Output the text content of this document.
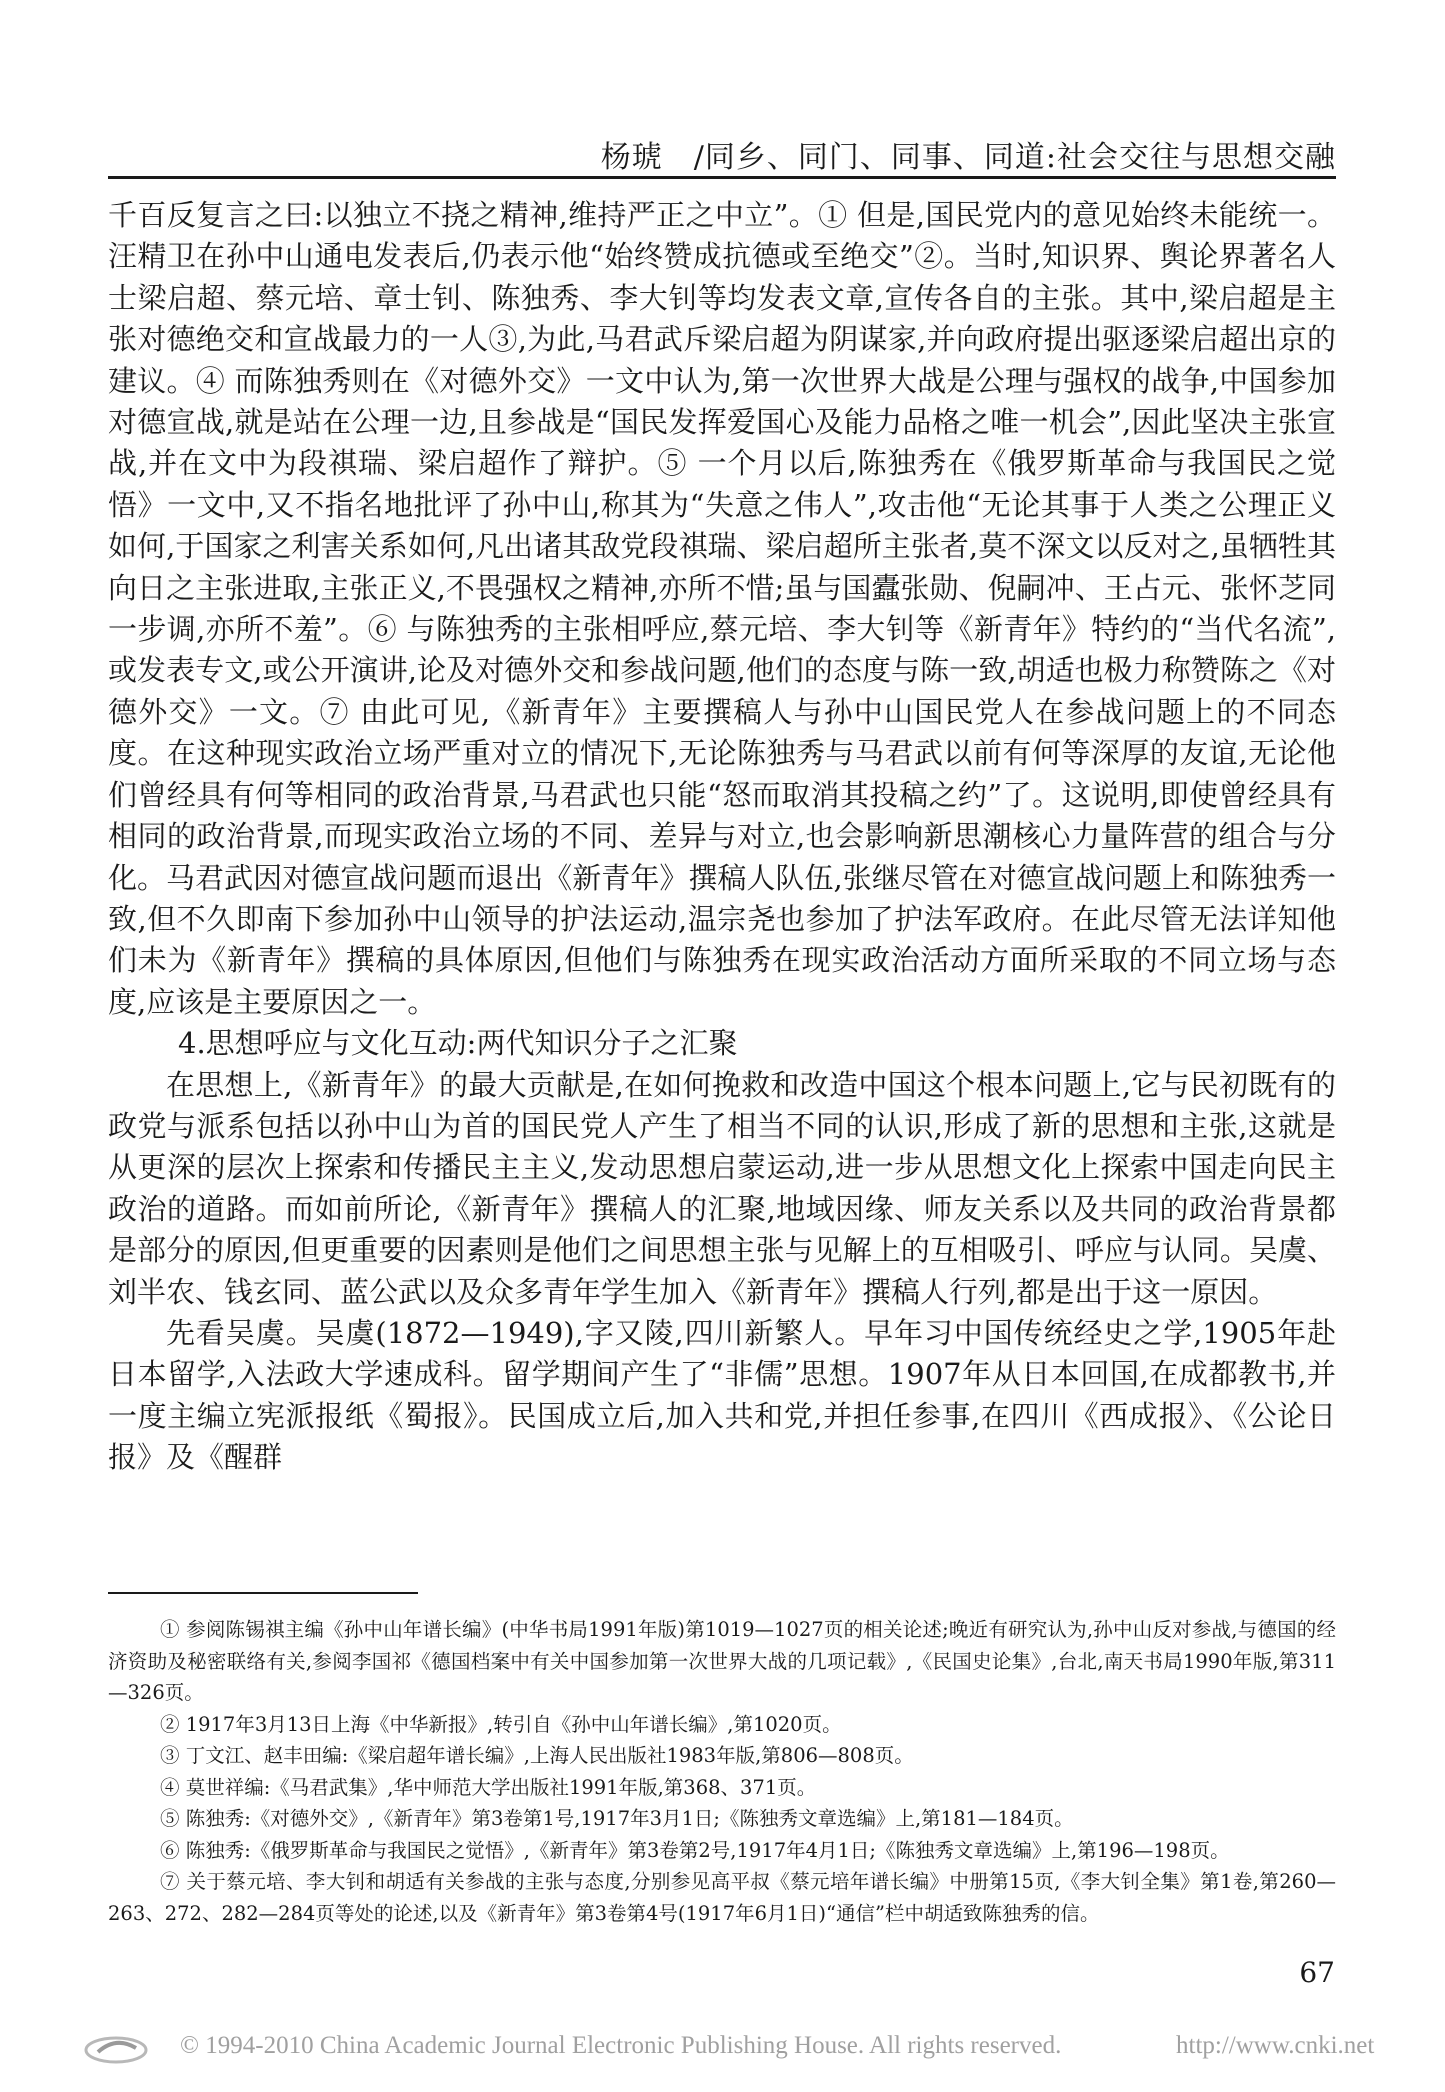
杨琥　/同乡、同门、同事、同道:社会交往与思想交融

千百反复言之曰:以独立不挠之精神,维持严正之中立”。① 但是,国民党内的意见始终未能统一。汪精卫在孙中山通电发表后,仍表示他“始终赞成抗德或至绝交”②。当时,知识界、舆论界著名人士梁启超、蔡元培、章士钊、陈独秀、李大钊等均发表文章,宣传各自的主张。其中,梁启超是主张对德绝交和宣战最力的一人③,为此,马君武斥梁启超为阴谋家,并向政府提出驱逐梁启超出京的建议。④ 而陈独秀则在《对德外交》一文中认为,第一次世界大战是公理与强权的战争,中国参加对德宣战,就是站在公理一边,且参战是“国民发挥爱国心及能力品格之唯一机会”,因此坚决主张宣战,并在文中为段祺瑞、梁启超作了辩护。⑤ 一个月以后,陈独秀在《俄罗斯革命与我国民之觉悟》一文中,又不指名地批评了孙中山,称其为“失意之伟人”,攻击他“无论其事于人类之公理正义如何,于国家之利害关系如何,凡出诸其敌党段祺瑞、梁启超所主张者,莫不深文以反对之,虽牺牲其向日之主张进取,主张正义,不畏强权之精神,亦所不惜;虽与国蠹张勋、倪嗣冲、王占元、张怀芝同一步调,亦所不羞”。⑥ 与陈独秀的主张相呼应,蔡元培、李大钊等《新青年》特约的“当代名流”,或发表专文,或公开演讲,论及对德外交和参战问题,他们的态度与陈一致,胡适也极力称赞陈之《对德外交》一文。⑦ 由此可见,《新青年》主要撰稿人与孙中山国民党人在参战问题上的不同态度。在这种现实政治立场严重对立的情况下,无论陈独秀与马君武以前有何等深厚的友谊,无论他们曾经具有何等相同的政治背景,马君武也只能“怒而取消其投稿之约”了。这说明,即使曾经具有相同的政治背景,而现实政治立场的不同、差异与对立,也会影响新思潮核心力量阵营的组合与分化。马君武因对德宣战问题而退出《新青年》撰稿人队伍,张继尽管在对德宣战问题上和陈独秀一致,但不久即南下参加孙中山领导的护法运动,温宗尧也参加了护法军政府。在此尽管无法详知他们未为《新青年》撰稿的具体原因,但他们与陈独秀在现实政治活动方面所采取的不同立场与态度,应该是主要原因之一。

4.思想呼应与文化互动:两代知识分子之汇聚

在思想上,《新青年》的最大贡献是,在如何挽救和改造中国这个根本问题上,它与民初既有的政党与派系包括以孙中山为首的国民党人产生了相当不同的认识,形成了新的思想和主张,这就是从更深的层次上探索和传播民主主义,发动思想启蒙运动,进一步从思想文化上探索中国走向民主政治的道路。而如前所论,《新青年》撰稿人的汇聚,地域因缘、师友关系以及共同的政治背景都是部分的原因,但更重要的因素则是他们之间思想主张与见解上的互相吸引、呼应与认同。吴虞、刘半农、钱玄同、蓝公武以及众多青年学生加入《新青年》撰稿人行列,都是出于这一原因。

先看吴虞。吴虞(1872—1949),字又陵,四川新繁人。早年习中国传统经史之学,1905年赴日本留学,入法政大学速成科。留学期间产生了“非儒”思想。1907年从日本回国,在成都教书,并一度主编立宪派报纸《蜀报》。民国成立后,加入共和党,并担任参事,在四川《西成报》、《公论日报》及《醒群

① 参阅陈锡祺主编《孙中山年谱长编》(中华书局1991年版)第1019—1027页的相关论述;晚近有研究认为,孙中山反对参战,与德国的经济资助及秘密联络有关,参阅李国祁《德国档案中有关中国参加第一次世界大战的几项记载》,《民国史论集》,台北,南天书局1990年版,第311—326页。

② 1917年3月13日上海《中华新报》,转引自《孙中山年谱长编》,第1020页。

③ 丁文江、赵丰田编:《梁启超年谱长编》,上海人民出版社1983年版,第806—808页。

④ 莫世祥编:《马君武集》,华中师范大学出版社1991年版,第368、371页。

⑤ 陈独秀:《对德外交》,《新青年》第3卷第1号,1917年3月1日;《陈独秀文章选编》上,第181—184页。

⑥ 陈独秀:《俄罗斯革命与我国民之觉悟》,《新青年》第3卷第2号,1917年4月1日;《陈独秀文章选编》上,第196—198页。

⑦ 关于蔡元培、李大钊和胡适有关参战的主张与态度,分别参见高平叔《蔡元培年谱长编》中册第15页,《李大钊全集》第1卷,第260—263、272、282—284页等处的论述,以及《新青年》第3卷第4号(1917年6月1日)“通信”栏中胡适致陈独秀的信。

67
© 1994-2010 China Academic Journal Electronic Publishing House. All rights reserved.	http://www.cnki.net
